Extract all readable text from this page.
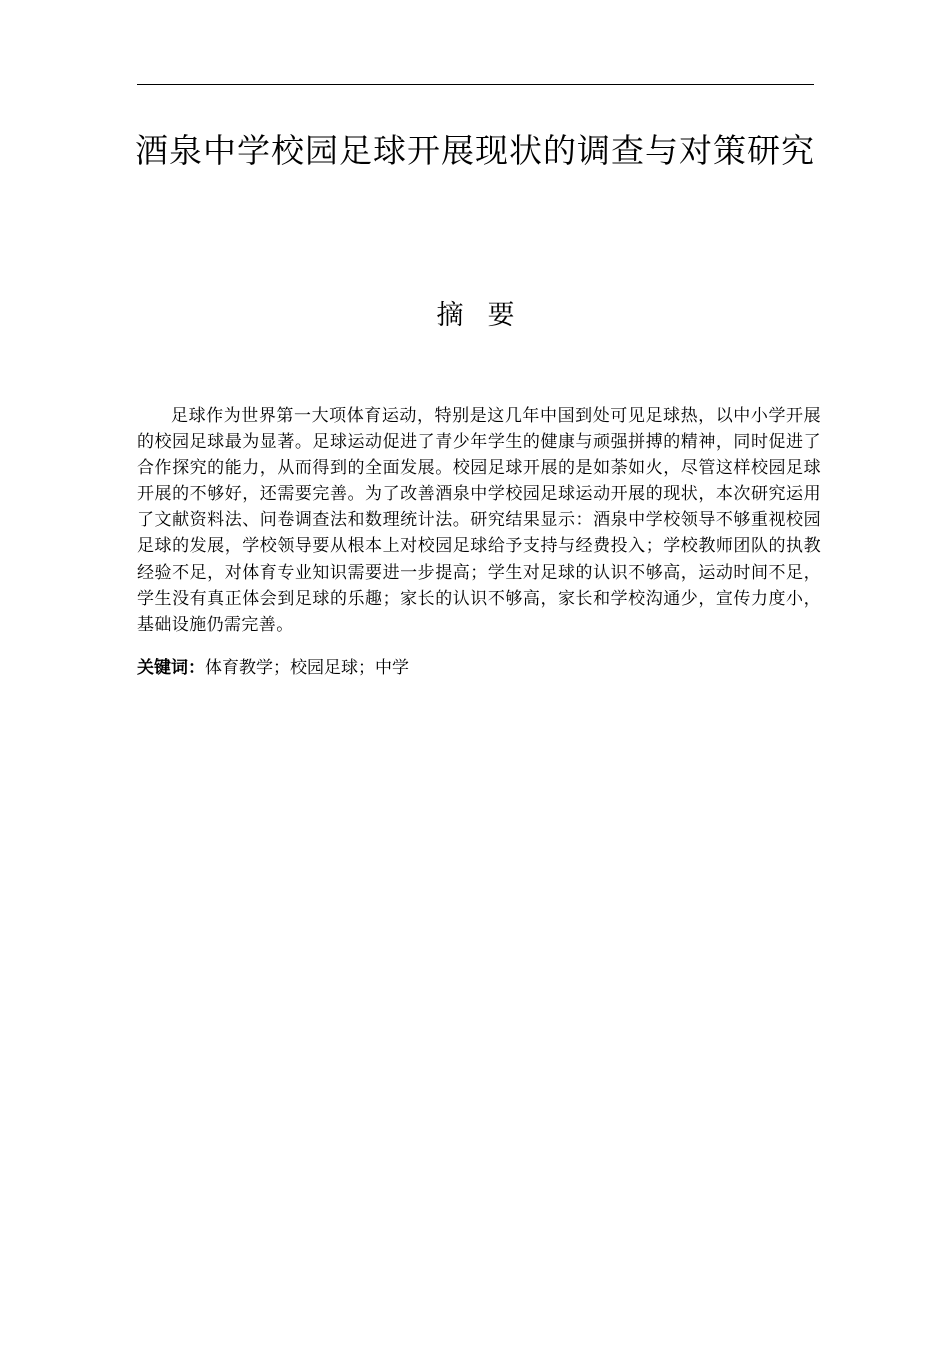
酒泉中学校园足球开展现状的调查与对策研究
摘要

足球作为世界第一大项体育运动，特别是这几年中国到处可见足球热，以中小学开展的校园足球最为显著。足球运动促进了青少年学生的健康与顽强拼搏的精神，同时促进了合作探究的能力，从而得到的全面发展。校园足球开展的是如荼如火，尽管这样校园足球开展的不够好，还需要完善。为了改善酒泉中学校园足球运动开展的现状，本次研究运用了文献资料法、问卷调查法和数理统计法。研究结果显示：酒泉中学校领导不够重视校园足球的发展，学校领导要从根本上对校园足球给予支持与经费投入；学校教师团队的执教经验不足，对体育专业知识需要进一步提高；学生对足球的认识不够高，运动时间不足，学生没有真正体会到足球的乐趣；家长的认识不够高，家长和学校沟通少，宣传力度小，基础设施仍需完善。

关键词：体育教学；校园足球；中学
